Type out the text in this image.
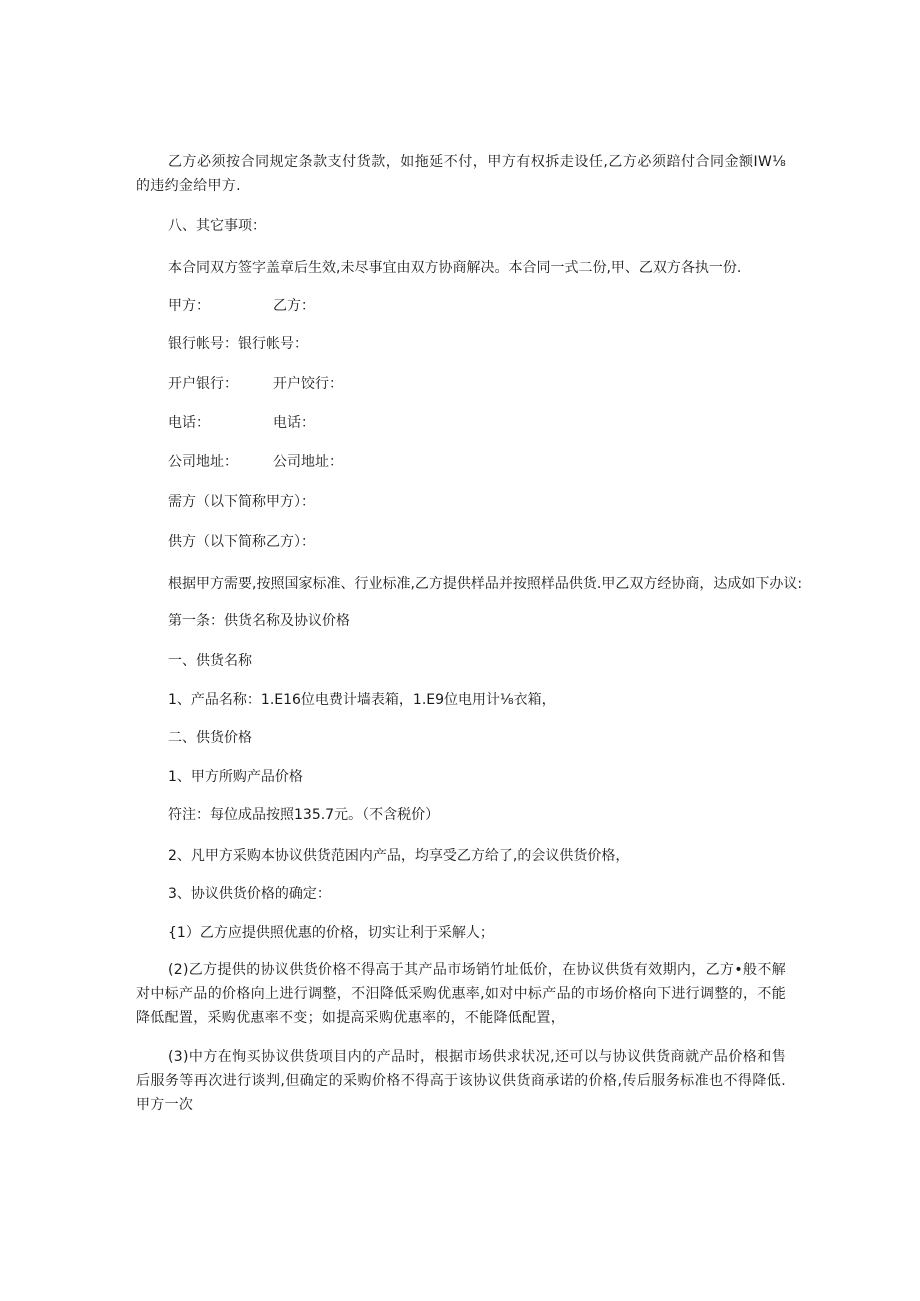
乙方必须按合同规定条款支付货款，如拖延不付，甲方有权拆走设任,乙方必须踣付合同金额IW⅛的违约金给甲方.
八、其它事项：
本合同双方签字盖章后生效,未尽事宜由双方协商解决。本合同一式二份,甲、乙双方各执一份.
甲方：	乙方：
银行帐号： 银行帐号：
开户银行：	开户饺行：
电话：	电话：
公司地址：	公司地址：
需方（以下简称甲方）：
供方（以下简称乙方）：
根据甲方需要,按照国家标准、行业标准,乙方提供样品并按照样品供货.甲乙双方经协商，达成如下办议:
第一条：供货名称及协议价格
一、供货名称
1、产品名称：1.E16位电费计墙表箱，1.E9位电用计⅛衣箱，
二、供货价格
1、甲方所购产品价格
符注：每位成品按照135.7元。（不含税价）
2、凡甲方采购本协议供货范困内产品，均享受乙方给了,的会议供货价格，
3、协议供货价格的确定：
{1）乙方应提供照优惠的价格，切实让利于采解人；
(2)乙方提供的协议供货价格不得高于其产品市场销竹址低价，在协议供货有效期内，乙方•般不解对中标产品的价格向上进行调整，不汨降低采购优惠率,如对中标产品的市场价格向下进行调整的，不能降低配置，采购优惠率不变；如提高采购优惠率的，不能降低配置，
(3)中方在恂买协议供货项目内的产品时，根据市场供求状况,还可以与协议供货商就产品价格和售后服务等再次进行谈判,但确定的采购价格不得高于该协议供货商承诺的价格,传后服务标准也不得降低.甲方一次
